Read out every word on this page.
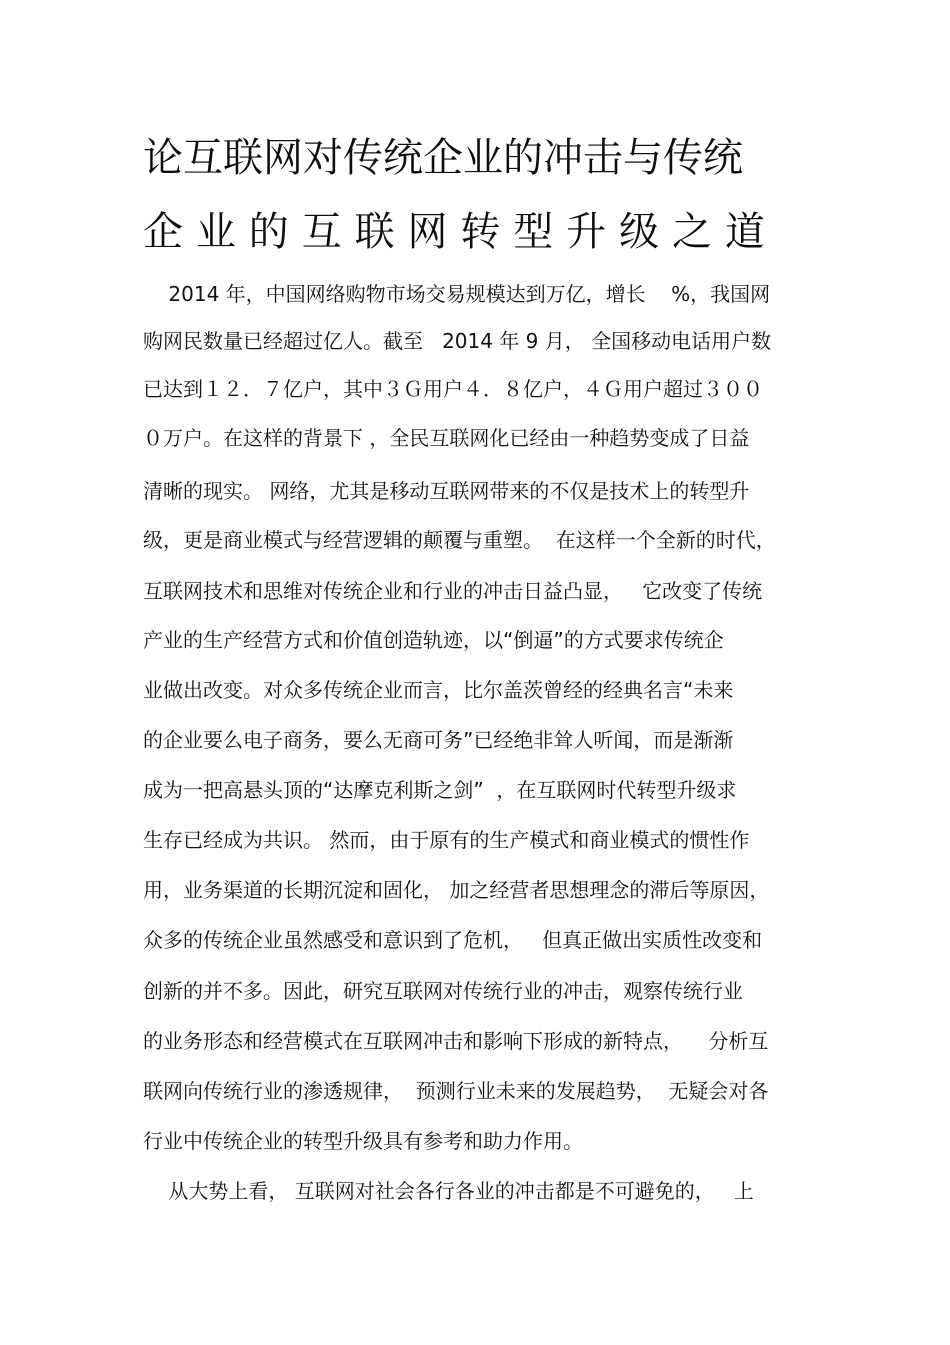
论互联网对传统企业的冲击与传统
企业的互联网转型升级之道

2014 年，中国网络购物市场交易规模达到万亿，增长    %，我国网

购网民数量已经超过亿人。截至   2014 年 9 月， 全国移动电话用户数

已达到１２．７亿户，其中３Ｇ用户４．８亿户，４Ｇ用户超过３００

０万户。在这样的背景下 ，全民互联网化已经由一种趋势变成了日益

清晰的现实。 网络，尤其是移动互联网带来的不仅是技术上的转型升

级，更是商业模式与经营逻辑的颠覆与重塑。  在这样一个全新的时代，

互联网技术和思维对传统企业和行业的冲击日益凸显，   它改变了传统

产业的生产经营方式和价值创造轨迹，以“倒逼”的方式要求传统企

业做出改变。对众多传统企业而言，比尔盖茨曾经的经典名言“未来

的企业要么电子商务，要么无商可务”已经绝非耸人听闻，而是渐渐

成为一把高悬头顶的“达摩克利斯之剑”  ，在互联网时代转型升级求

生存已经成为共识。 然而，由于原有的生产模式和商业模式的惯性作

用，业务渠道的长期沉淀和固化， 加之经营者思想理念的滞后等原因，

众多的传统企业虽然感受和意识到了危机，   但真正做出实质性改变和

创新的并不多。因此，研究互联网对传统行业的冲击，观察传统行业

的业务形态和经营模式在互联网冲击和影响下形成的新特点，    分析互

联网向传统行业的渗透规律，  预测行业未来的发展趋势，  无疑会对各

行业中传统企业的转型升级具有参考和助力作用。

从大势上看， 互联网对社会各行各业的冲击都是不可避免的，   上
